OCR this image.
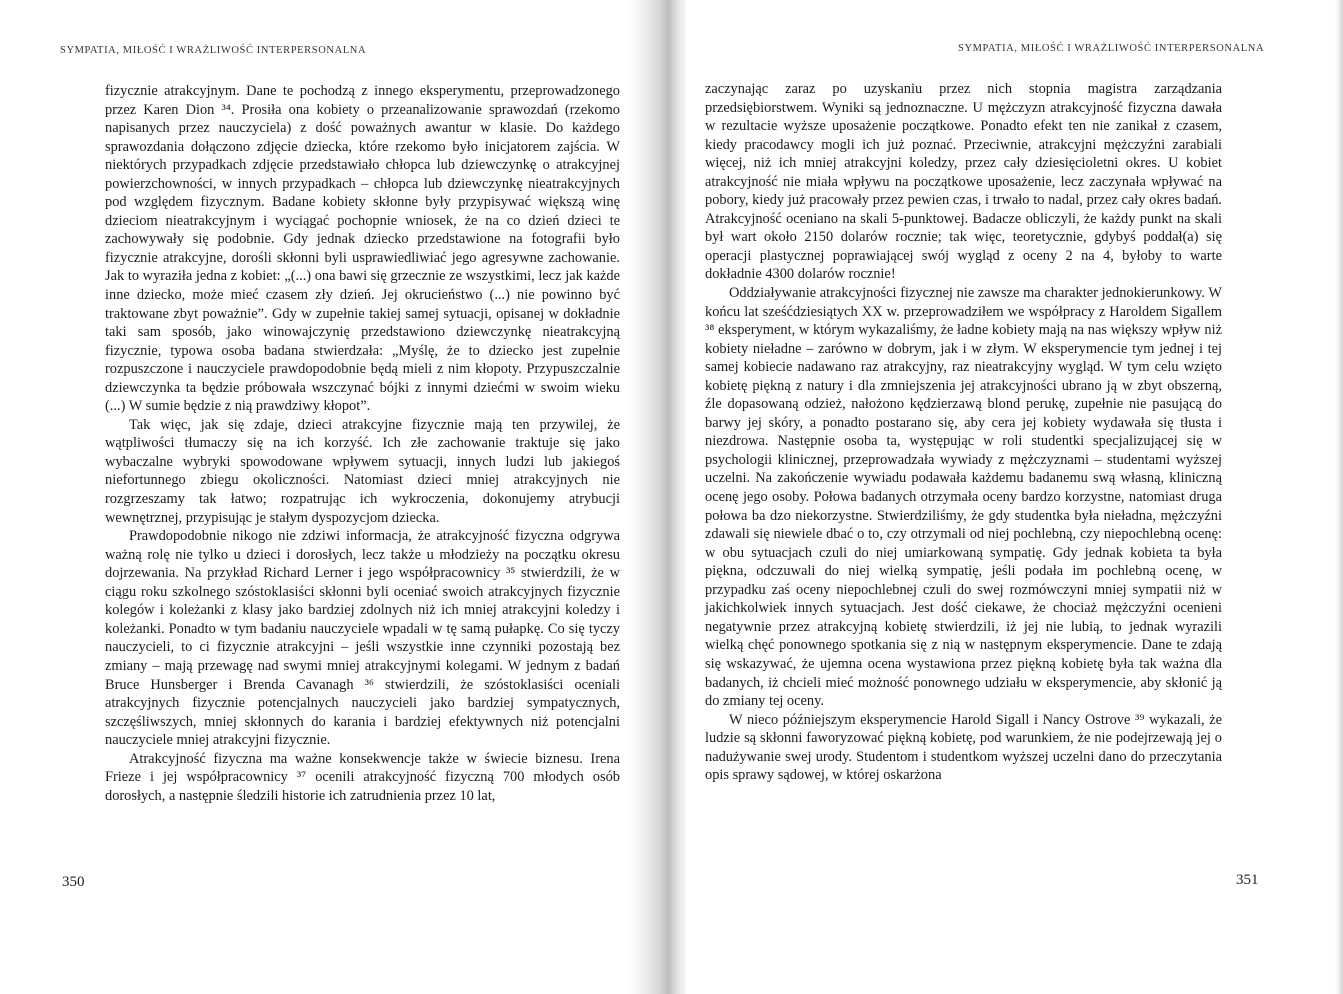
SYMPATIA, MIŁOŚĆ I WRAŻLIWOŚĆ INTERPERSONALNA

fizycznie atrakcyjnym. Dane te pochodzą z innego eksperymentu, przeprowadzonego przez Karen Dion ³⁴. Prosiła ona kobiety o przeanalizowanie sprawozdań (rzekomo napisanych przez nauczyciela) z dość poważnych awantur w klasie. Do każdego sprawozdania dołączono zdjęcie dziecka, które rzekomo było inicjatorem zajścia. W niektórych przypadkach zdjęcie przedstawiało chłopca lub dziewczynkę o atrakcyjnej powierzchowności, w innych przypadkach – chłopca lub dziewczynkę nieatrakcyjnych pod względem fizycznym. Badane kobiety skłonne były przypisywać większą winę dzieciom nieatrakcyjnym i wyciągać pochopnie wniosek, że na co dzień dzieci te zachowywały się podobnie. Gdy jednak dziecko przedstawione na fotografii było fizycznie atrakcyjne, dorośli skłonni byli usprawiedliwiać jego agresywne zachowanie. Jak to wyraziła jedna z kobiet: „(...) ona bawi się grzecznie ze wszystkimi, lecz jak każde inne dziecko, może mieć czasem zły dzień. Jej okrucieństwo (...) nie powinno być traktowane zbyt poważnie”. Gdy w zupełnie takiej samej sytuacji, opisanej w dokładnie taki sam sposób, jako winowajczynię przedstawiono dziewczynkę nieatrakcyjną fizycznie, typowa osoba badana stwierdzała: „Myślę, że to dziecko jest zupełnie rozpuszczone i nauczyciele prawdopodobnie będą mieli z nim kłopoty. Przypuszczalnie dziewczynka ta będzie próbowała wszczynać bójki z innymi dziećmi w swoim wieku (...) W sumie będzie z nią prawdziwy kłopot”.

Tak więc, jak się zdaje, dzieci atrakcyjne fizycznie mają ten przywilej, że wątpliwości tłumaczy się na ich korzyść. Ich złe zachowanie traktuje się jako wybaczalne wybryki spowodowane wpływem sytuacji, innych ludzi lub jakiegoś niefortunnego zbiegu okoliczności. Natomiast dzieci mniej atrakcyjnych nie rozgrzeszamy tak łatwo; rozpatrując ich wykroczenia, dokonujemy atrybucji wewnętrznej, przypisując je stałym dyspozycjom dziecka.

Prawdopodobnie nikogo nie zdziwi informacja, że atrakcyjność fizyczna odgrywa ważną rolę nie tylko u dzieci i dorosłych, lecz także u młodzieży na początku okresu dojrzewania. Na przykład Richard Lerner i jego współpracownicy ³⁵ stwierdzili, że w ciągu roku szkolnego szóstoklasiści skłonni byli oceniać swoich atrakcyjnych fizycznie kolegów i koleżanki z klasy jako bardziej zdolnych niż ich mniej atrakcyjni koledzy i koleżanki. Ponadto w tym badaniu nauczyciele wpadali w tę samą pułapkę. Co się tyczy nauczycieli, to ci fizycznie atrakcyjni – jeśli wszystkie inne czynniki pozostają bez zmiany – mają przewagę nad swymi mniej atrakcyjnymi kolegami. W jednym z badań Bruce Hunsberger i Brenda Cavanagh ³⁶ stwierdzili, że szóstoklasiści oceniali atrakcyjnych fizycznie potencjalnych nauczycieli jako bardziej sympatycznych, szczęśliwszych, mniej skłonnych do karania i bardziej efektywnych niż potencjalni nauczyciele mniej atrakcyjni fizycznie.

Atrakcyjność fizyczna ma ważne konsekwencje także w świecie biznesu. Irena Frieze i jej współpracownicy ³⁷ ocenili atrakcyjność fizyczną 700 młodych osób dorosłych, a następnie śledzili historie ich zatrudnienia przez 10 lat,

350
SYMPATIA, MIŁOŚĆ I WRAŻLIWOŚĆ INTERPERSONALNA

zaczynając zaraz po uzyskaniu przez nich stopnia magistra zarządzania przedsiębiorstwem. Wyniki są jednoznaczne. U mężczyzn atrakcyjność fizyczna dawała w rezultacie wyższe uposażenie początkowe. Ponadto efekt ten nie zanikał z czasem, kiedy pracodawcy mogli ich już poznać. Przeciwnie, atrakcyjni mężczyźni zarabiali więcej, niż ich mniej atrakcyjni koledzy, przez cały dziesięcioletni okres. U kobiet atrakcyjność nie miała wpływu na początkowe uposażenie, lecz zaczynała wpływać na pobory, kiedy już pracowały przez pewien czas, i trwało to nadal, przez cały okres badań. Atrakcyjność oceniano na skali 5-punktowej. Badacze obliczyli, że każdy punkt na skali był wart około 2150 dolarów rocznie; tak więc, teoretycznie, gdybyś poddał(a) się operacji plastycznej poprawiającej swój wygląd z oceny 2 na 4, byłoby to warte dokładnie 4300 dolarów rocznie!

Oddziaływanie atrakcyjności fizycznej nie zawsze ma charakter jednokierunkowy. W końcu lat sześćdziesiątych XX w. przeprowadziłem we współpracy z Haroldem Sigallem ³⁸ eksperyment, w którym wykazaliśmy, że ładne kobiety mają na nas większy wpływ niż kobiety nieładne – zarówno w dobrym, jak i w złym. W eksperymencie tym jednej i tej samej kobiecie nadawano raz atrakcyjny, raz nieatrakcyjny wygląd. W tym celu wzięto kobietę piękną z natury i dla zmniejszenia jej atrakcyjności ubrano ją w zbyt obszerną, źle dopasowaną odzież, nałożono kędzierzawą blond perukę, zupełnie nie pasującą do barwy jej skóry, a ponadto postarano się, aby cera jej kobiety wydawała się tłusta i niezdrowa. Następnie osoba ta, występując w roli studentki specjalizującej się w psychologii klinicznej, przeprowadzała wywiady z mężczyznami – studentami wyższej uczelni. Na zakończenie wywiadu podawała każdemu badanemu swą własną, kliniczną ocenę jego osoby. Połowa badanych otrzymała oceny bardzo korzystne, natomiast druga połowa ba dzo niekorzystne. Stwierdziliśmy, że gdy studentka była nieładna, mężczyźni zdawali się niewiele dbać o to, czy otrzymali od niej pochlebną, czy niepochlebną ocenę: w obu sytuacjach czuli do niej umiarkowaną sympatię. Gdy jednak kobieta ta była piękna, odczuwali do niej wielką sympatię, jeśli podała im pochlebną ocenę, w przypadku zaś oceny niepochlebnej czuli do swej rozmówczyni mniej sympatii niż w jakichkolwiek innych sytuacjach. Jest dość ciekawe, że chociaż mężczyźni ocenieni negatywnie przez atrakcyjną kobietę stwierdzili, iż jej nie lubią, to jednak wyrazili wielką chęć ponownego spotkania się z nią w następnym eksperymencie. Dane te zdają się wskazywać, że ujemna ocena wystawiona przez piękną kobietę była tak ważna dla badanych, iż chcieli mieć możność ponownego udziału w eksperymencie, aby skłonić ją do zmiany tej oceny.

W nieco późniejszym eksperymencie Harold Sigall i Nancy Ostrove ³⁹ wykazali, że ludzie są skłonni faworyzować piękną kobietę, pod warunkiem, że nie podejrzewają jej o nadużywanie swej urody. Studentom i studentkom wyższej uczelni dano do przeczytania opis sprawy sądowej, w której oskarżona

351
